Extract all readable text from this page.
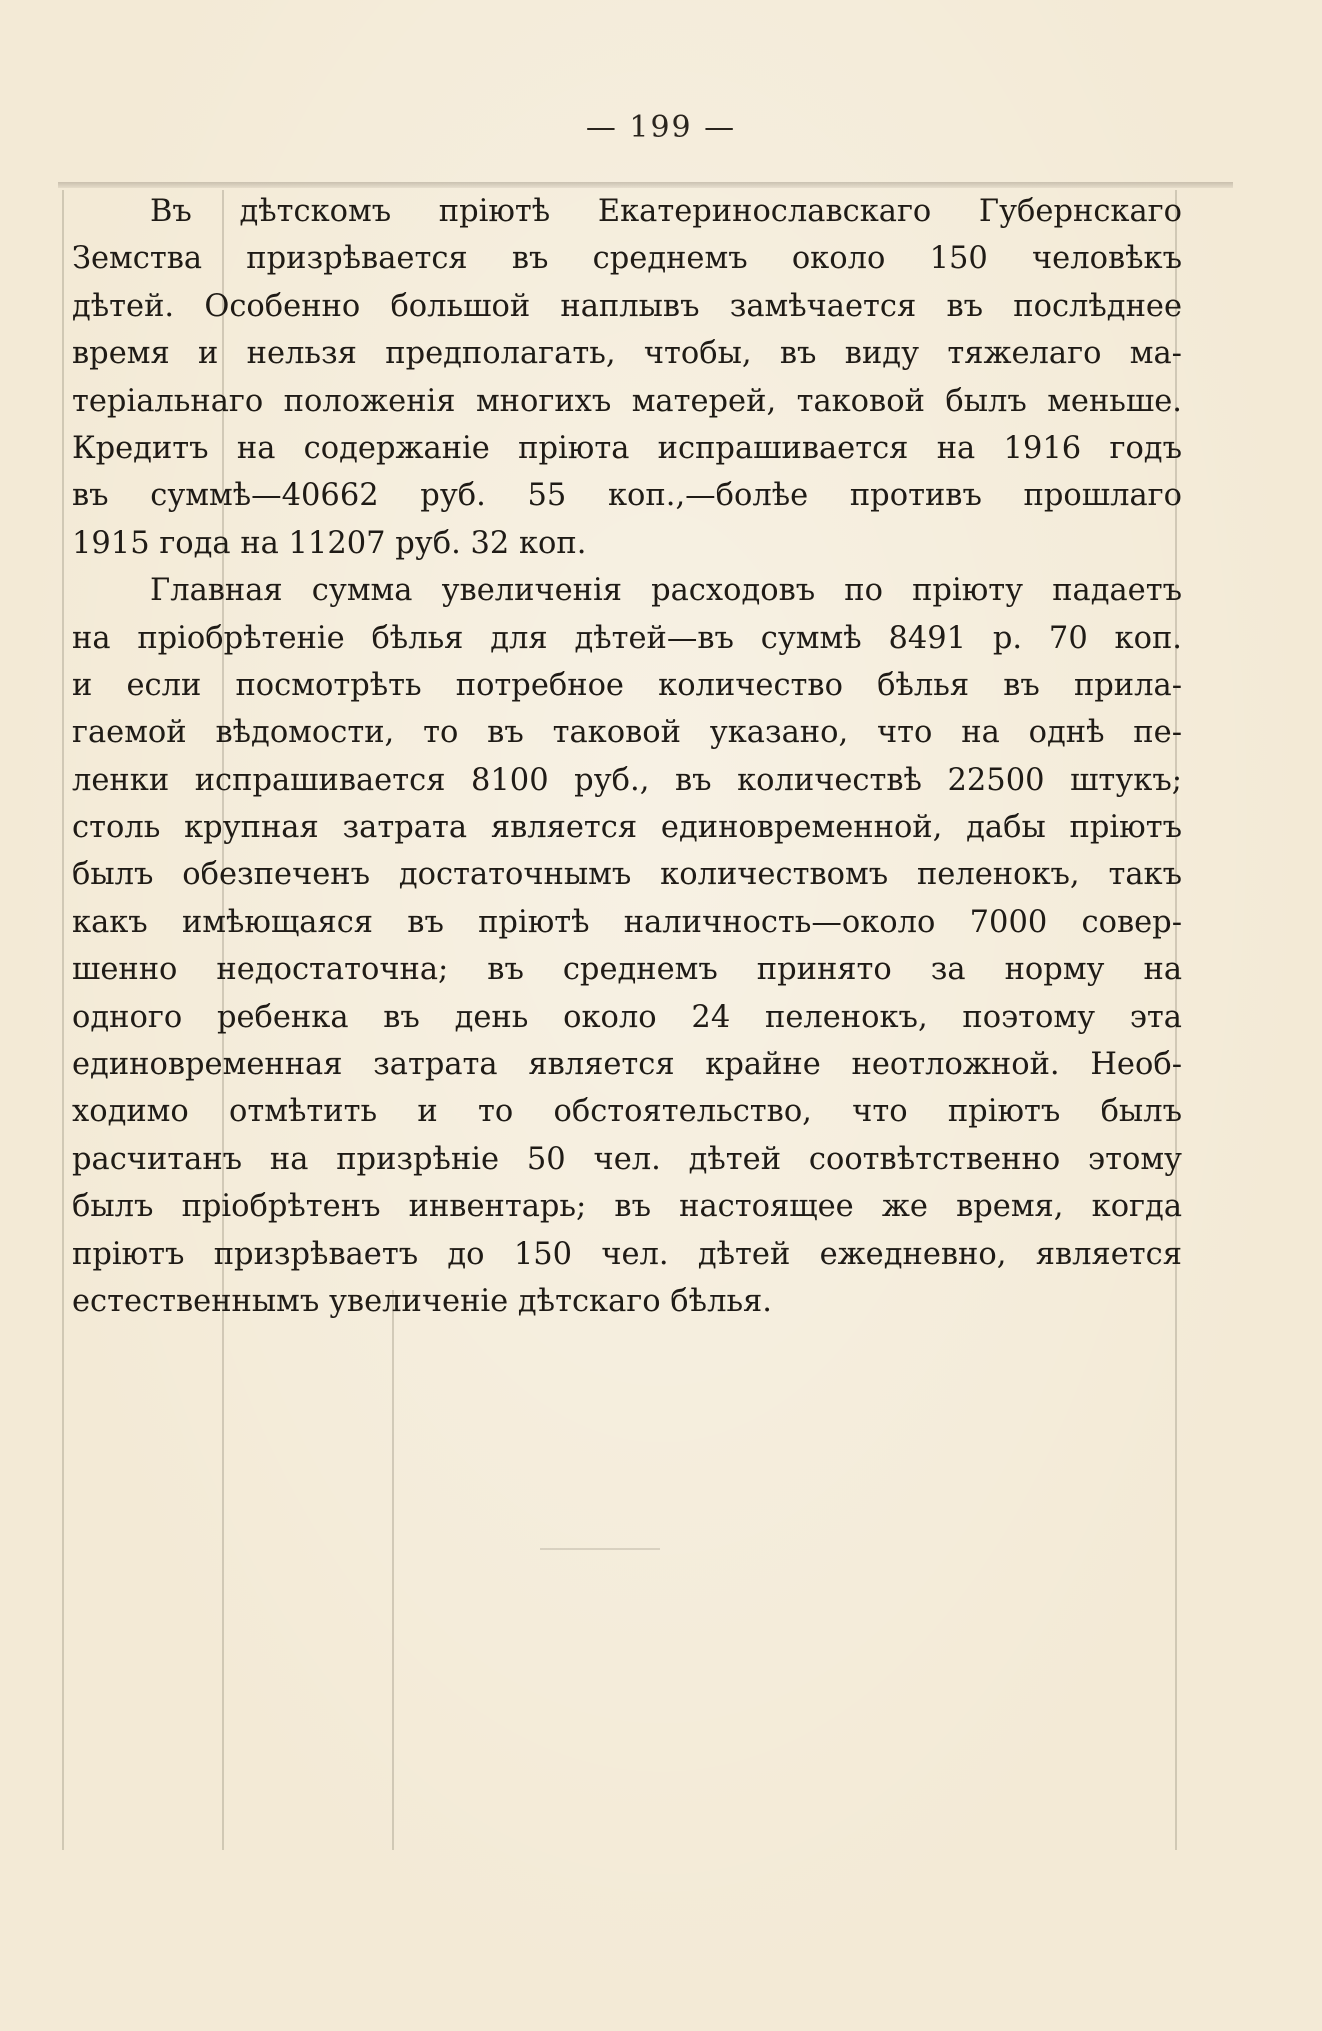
— 199 —
Въ дѣтскомъ пріютѣ Екатеринославскаго Губернскаго
Земства призрѣвается въ среднемъ около 150 человѣкъ
дѣтей. Особенно большой наплывъ замѣчается въ послѣднее
время и нельзя предполагать, чтобы, въ виду тяжелаго ма-
теріальнаго положенія многихъ матерей, таковой былъ меньше.
Кредитъ на содержаніе пріюта испрашивается на 1916 годъ
въ суммѣ—40662 руб. 55 коп.,—болѣе противъ прошлаго
1915 года на 11207 руб. 32 коп.
Главная сумма увеличенія расходовъ по пріюту падаетъ
на пріобрѣтеніе бѣлья для дѣтей—въ суммѣ 8491 р. 70 коп.
и если посмотрѣть потребное количество бѣлья въ прила-
гаемой вѣдомости, то въ таковой указано, что на однѣ пе-
ленки испрашивается 8100 руб., въ количествѣ 22500 штукъ;
столь крупная затрата является единовременной, дабы пріютъ
былъ обезпеченъ достаточнымъ количествомъ пеленокъ, такъ
какъ имѣющаяся въ пріютѣ наличность—около 7000 совер-
шенно недостаточна; въ среднемъ принято за норму на
одного ребенка въ день около 24 пеленокъ, поэтому эта
единовременная затрата является крайне неотложной. Необ-
ходимо отмѣтить и то обстоятельство, что пріютъ былъ
расчитанъ на призрѣніе 50 чел. дѣтей соотвѣтственно этому
былъ пріобрѣтенъ инвентарь; въ настоящее же время, когда
пріютъ призрѣваетъ до 150 чел. дѣтей ежедневно, является
естественнымъ увеличеніе дѣтскаго бѣлья.
